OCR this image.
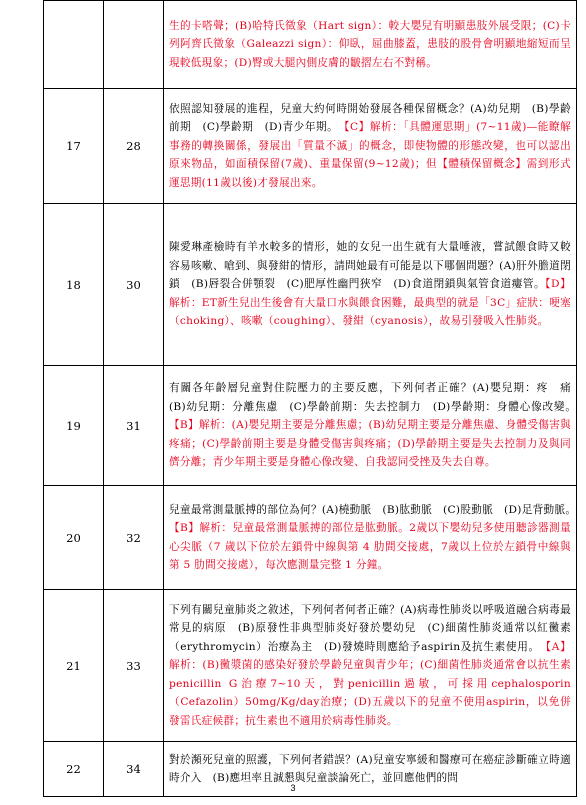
		生的卡嗒聲；(B)哈特氏徵象（Hart sign）：較大嬰兒有明顯患肢外展受限；(C)卡列阿齊氏徵象（Galeazzi sign）：仰臥，屈曲膝蓋，患肢的股骨會明顯地縮短而呈現較低現象；(D)臀或大腿內側皮膚的皺摺左右不對稱。
17	28	依照認知發展的進程，兒童大約何時開始發展各種保留概念？(A)幼兒期　(B)學齡前期　(C)學齡期　(D)青少年期。　【C】解析：「具體運思期」(7~11歲)—能瞭解事務的轉換關係，發展出「質量不滅」的概念，即使物體的形態改變，也可以認出原來物品，如面積保留(7歲)、重量保留(9~12歲)；但【體積保留概念】需到形式運思期(11歲以後)才發展出來。
18	30	陳愛琳產檢時有羊水較多的情形，她的女兒一出生就有大量唾液，嘗試餵食時又較容易咳嗽、嗆到、與發紺的情形，請問她最有可能是以下哪個問題？(A)肝外膽道閉鎖　(B)唇裂合併顎裂　(C)肥厚性幽門狹窄　(D)食道閉鎖與氣管食道瘻管。【D】解析：ET新生兒出生後會有大量口水與餵食困難，最典型的就是「3C」症狀：哽塞（choking）、咳嗽（coughing）、發紺（cyanosis），故易引發吸入性肺炎。
19	31	有關各年齡層兒童對住院壓力的主要反應，下列何者正確？(A)嬰兒期：疼　痛　(B)幼兒期：分離焦慮　(C)學齡前期：失去控制力　(D)學齡期：身體心像改變。　【B】解析：(A)嬰兒期主要是分離焦慮；(B)幼兒期主要是分離焦慮、身體受傷害與疼痛；(C)學齡前期主要是身體受傷害與疼痛；(D)學齡期主要是失去控制力及與同儕分離；青少年期主要是身體心像改變、自我認同受挫及失去自尊。
20	32	兒童最常測量脈搏的部位為何？(A)橈動脈　(B)肱動脈　(C)股動脈　(D)足背動脈。　【B】解析：兒童最常測量脈搏的部位是肱動脈。2歲以下嬰幼兒多使用聽診器測量心尖脈（7 歲以下位於左鎖骨中線與第 4 肋間交接處，7歲以上位於左鎖骨中線與第 5 肋間交接處），每次應測量完整 1 分鐘。
21	33	下列有關兒童肺炎之敘述，下列何者何者正確？(A)病毒性肺炎以呼吸道融合病毒最常見的病原　(B)原發性非典型肺炎好發於嬰幼兒　(C)細菌性肺炎通常以紅黴素（erythromycin）治療為主　(D)發燒時則應給予aspirin及抗生素使用。　【A】解析：(B)黴漿菌的感染好發於學齡兒童與青少年；(C)細菌性肺炎通常會以抗生素penicillin G治療7~10天，對penicillin過敏，可採用cephalosporin（Cefazolin）50mg/Kg/day治療；(D)五歲以下的兒童不使用aspirin，以免併發雷氏症候群；抗生素也不適用於病毒性肺炎。
22	34	對於瀕死兒童的照護，下列何者錯誤？(A)兒童安寧緩和醫療可在癌症診斷確立時適時介入　(B)應坦率且誠懇與兒童談論死亡，並回應他們的問
3
